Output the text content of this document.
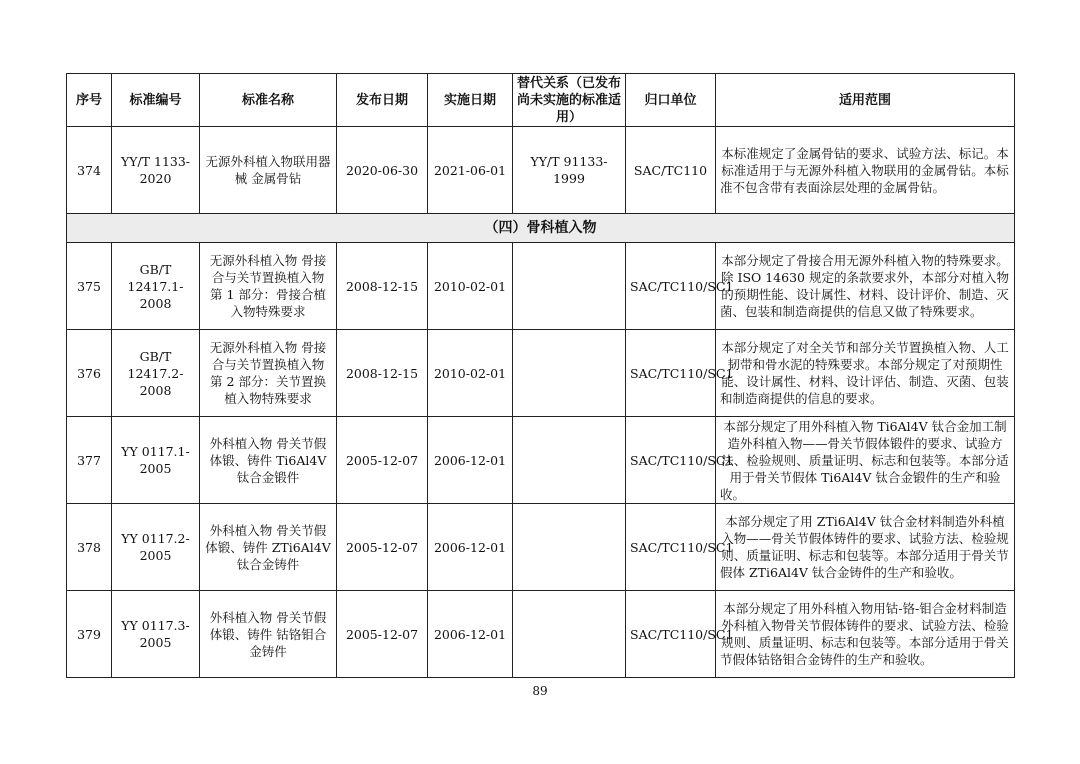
序号	标准编号	标准名称	发布日期	实施日期	替代关系（已发布尚未实施的标准适用）	归口单位	适用范围
374	YY/T 1133-2020	无源外科植入物联用器械 金属骨钻	2020-06-30	2021-06-01	YY/T 91133-1999	SAC/TC110	本标准规定了金属骨钻的要求、试验方法、标记。本标准适用于与无源外科植入物联用的金属骨钻。本标准不包含带有表面涂层处理的金属骨钻。
（四）骨科植入物							
375	GB/T 12417.1-2008	无源外科植入物 骨接合与关节置换植入物 第 1 部分：骨接合植入物特殊要求	2008-12-15	2010-02-01		SAC/TC110/SC1	本部分规定了骨接合用无源外科植入物的特殊要求。除 ISO 14630 规定的条款要求外，本部分对植入物的预期性能、设计属性、材料、设计评价、制造、灭菌、包装和制造商提供的信息又做了特殊要求。
376	GB/T 12417.2-2008	无源外科植入物 骨接合与关节置换植入物 第 2 部分：关节置换植入物特殊要求	2008-12-15	2010-02-01		SAC/TC110/SC1	本部分规定了对全关节和部分关节置换植入物、人工韧带和骨水泥的特殊要求。本部分规定了对预期性能、设计属性、材料、设计评估、制造、灭菌、包装和制造商提供的信息的要求。
377	YY 0117.1-2005	外科植入物 骨关节假体锻、铸件 Ti6Al4V 钛合金锻件	2005-12-07	2006-12-01		SAC/TC110/SC1	本部分规定了用外科植入物 Ti6Al4V 钛合金加工制造外科植入物——骨关节假体锻件的要求、试验方法、检验规则、质量证明、标志和包装等。本部分适用于骨关节假体 Ti6Al4V 钛合金锻件的生产和验收。
378	YY 0117.2-2005	外科植入物 骨关节假体锻、铸件 ZTi6Al4V 钛合金铸件	2005-12-07	2006-12-01		SAC/TC110/SC1	本部分规定了用 ZTi6Al4V 钛合金材料制造外科植入物——骨关节假体铸件的要求、试验方法、检验规则、质量证明、标志和包装等。本部分适用于骨关节假体 ZTi6Al4V 钛合金铸件的生产和验收。
379	YY 0117.3-2005	外科植入物 骨关节假体锻、铸件 钴铬钼合金铸件	2005-12-07	2006-12-01		SAC/TC110/SC1	本部分规定了用外科植入物用钴-铬-钼合金材料制造外科植入物骨关节假体铸件的要求、试验方法、检验规则、质量证明、标志和包装等。本部分适用于骨关节假体钴铬钼合金铸件的生产和验收。
89
